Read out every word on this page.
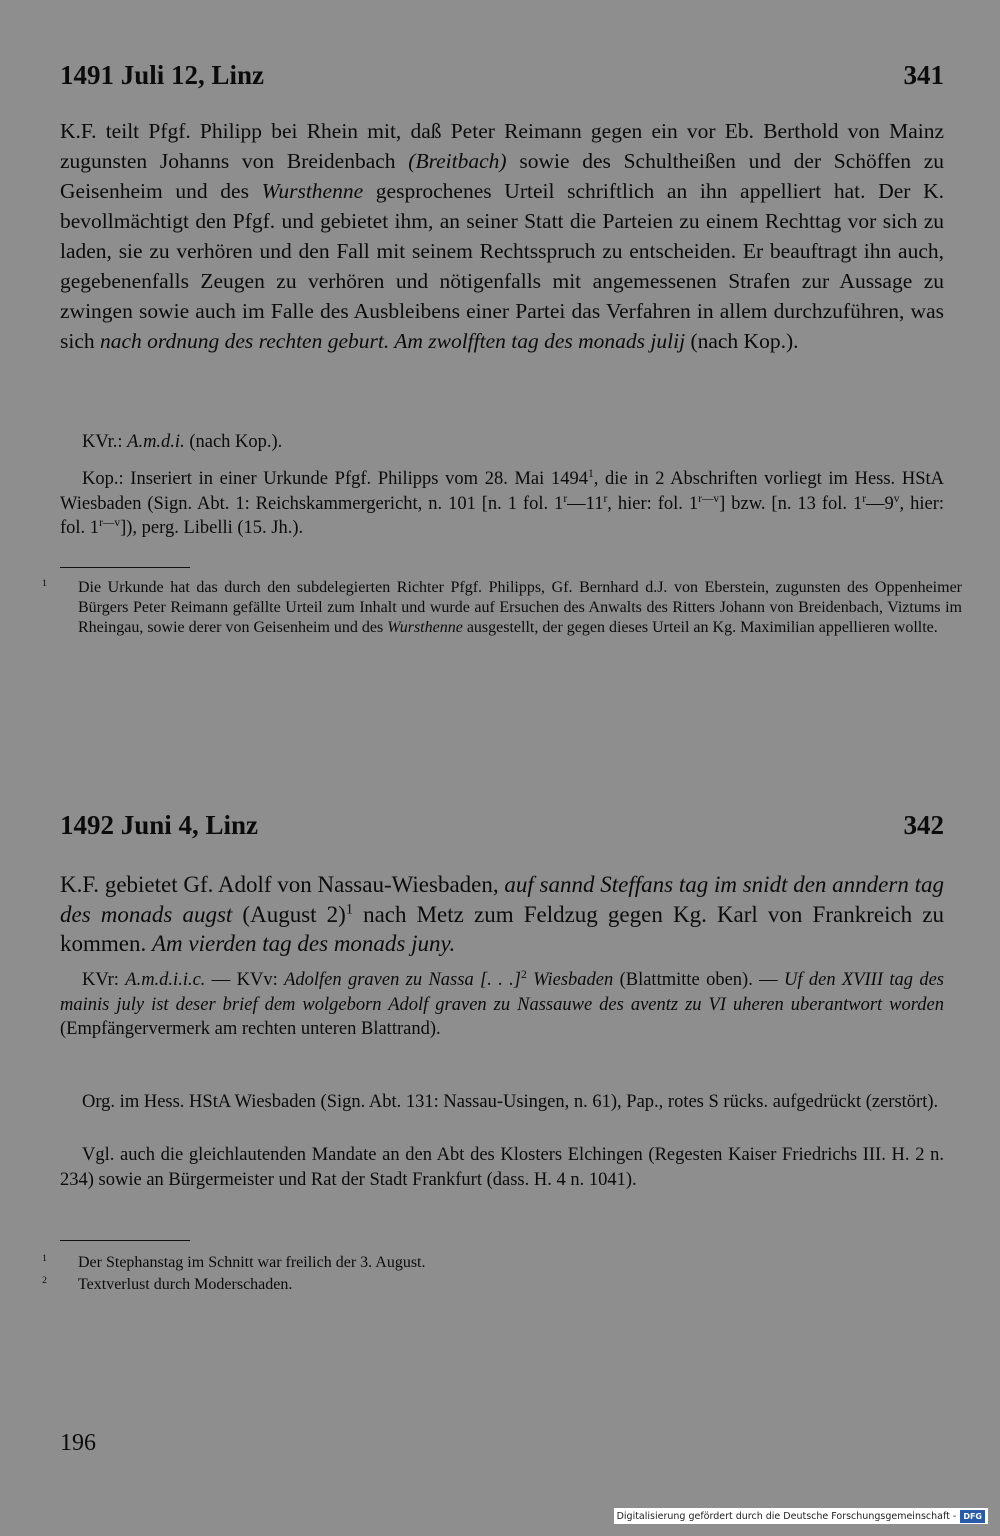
1491 Juli 12, Linz	341
K.F. teilt Pfgf. Philipp bei Rhein mit, daß Peter Reimann gegen ein vor Eb. Berthold von Mainz zugunsten Johanns von Breidenbach (Breitbach) sowie des Schultheißen und der Schöffen zu Geisenheim und des Wursthenne gesprochenes Urteil schriftlich an ihn appelliert hat. Der K. bevollmächtigt den Pfgf. und gebietet ihm, an seiner Statt die Parteien zu einem Rechttag vor sich zu laden, sie zu verhören und den Fall mit seinem Rechtsspruch zu entscheiden. Er beauftragt ihn auch, gegebenenfalls Zeugen zu verhören und nötigenfalls mit angemessenen Strafen zur Aussage zu zwingen sowie auch im Falle des Ausbleibens einer Partei das Verfahren in allem durchzuführen, was sich nach ordnung des rechten geburt. Am zwolfften tag des monads julij (nach Kop.).
KVr.: A.m.d.i. (nach Kop.).
Kop.: Inseriert in einer Urkunde Pfgf. Philipps vom 28. Mai 1494$^1$, die in 2 Abschriften vorliegt im Hess. HStA Wiesbaden (Sign. Abt. 1: Reichskammergericht, n. 101 [n. 1 fol. 1$^r$—11$^r$, hier: fol. $1^{r—v}$] bzw. [n. 13 fol. 1$^r$—9$^v$, hier: fol. $1^{r—v}$]), perg. Libelli (15. Jh.).
$^1$ Die Urkunde hat das durch den subdelegierten Richter Pfgf. Philipps, Gf. Bernhard d.J. von Eberstein, zugunsten des Oppenheimer Bürgers Peter Reimann gefällte Urteil zum Inhalt und wurde auf Ersuchen des Anwalts des Ritters Johann von Breidenbach, Viztums im Rheingau, sowie derer von Geisenheim und des Wursthenne ausgestellt, der gegen dieses Urteil an Kg. Maximilian appellieren wollte.
1492 Juni 4, Linz	342
K.F. gebietet Gf. Adolf von Nassau-Wiesbaden, auf sannd Steffans tag im snidt den anndern tag des monads augst (August 2)$^1$ nach Metz zum Feldzug gegen Kg. Karl von Frankreich zu kommen. Am vierden tag des monads juny.
KVr: A.m.d.i.i.c. — KVv: Adolfen graven zu Nassa [. . .]$^2$ Wiesbaden (Blattmitte oben). — Uf den XVIII tag des mainis july ist deser brief dem wolgeborn Adolf graven zu Nassauwe des aventz zu VI uheren uberantwort worden (Empfängervermerk am rechten unteren Blattrand).
Org. im Hess. HStA Wiesbaden (Sign. Abt. 131: Nassau-Usingen, n. 61), Pap., rotes S rücks. aufgedrückt (zerstört).
Vgl. auch die gleichlautenden Mandate an den Abt des Klosters Elchingen (Regesten Kaiser Friedrichs III. H. 2 n. 234) sowie an Bürgermeister und Rat der Stadt Frankfurt (dass. H. 4 n. 1041).
$^1$ Der Stephanstag im Schnitt war freilich der 3. August.
$^2$ Textverlust durch Moderschaden.
196
Digitalisierung gefördert durch die Deutsche Forschungsgemeinschaft - DFG
